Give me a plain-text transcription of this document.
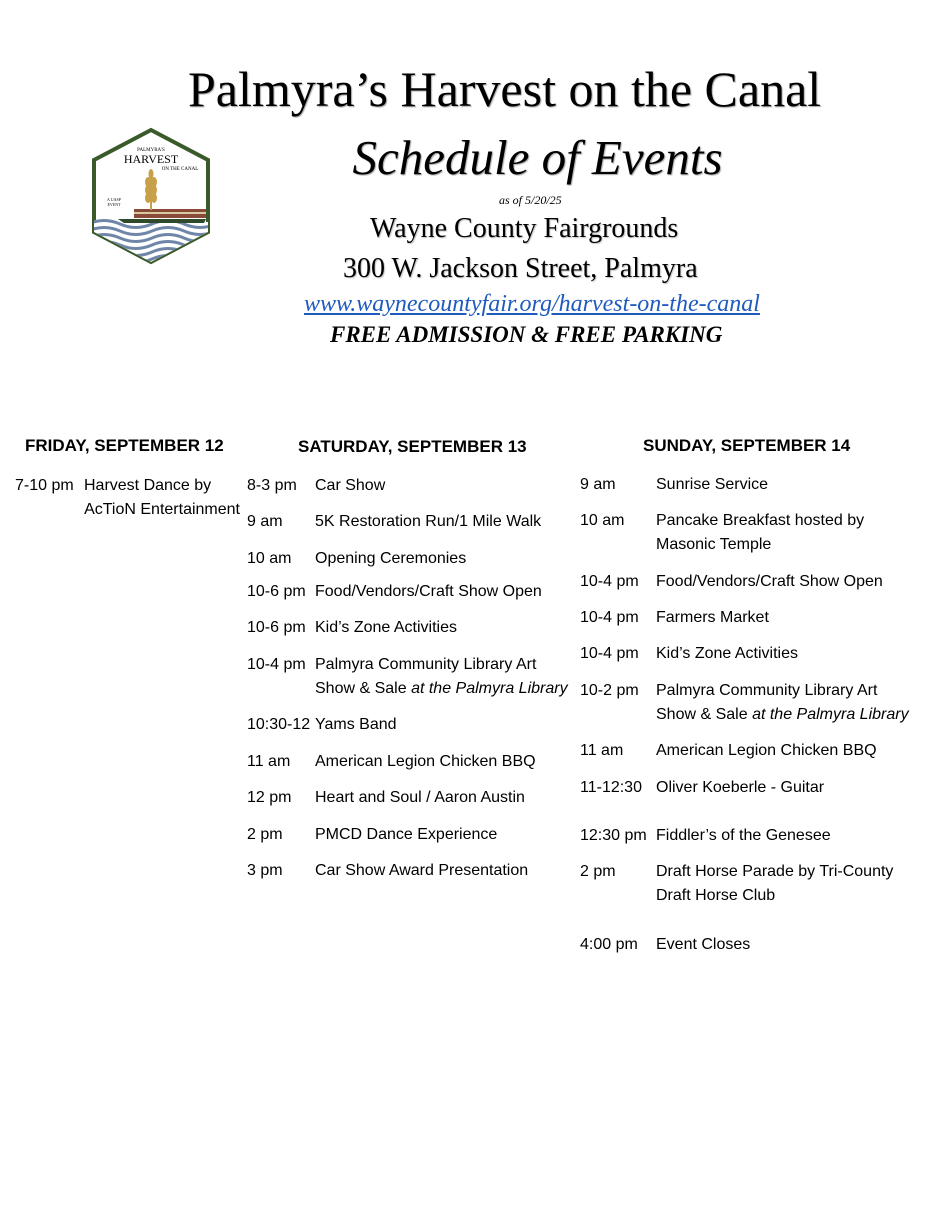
PALMYRA'S
HARVEST
ON THE CANAL
A UASP
EVENT
Palmyra’s Harvest on the Canal
Schedule of Events
as of 5/20/25
Wayne County Fairgrounds
300 W. Jackson Street, Palmyra
www.waynecountyfair.org/harvest-on-the-canal
FREE ADMISSION & FREE PARKING
FRIDAY, SEPTEMBER 12	SATURDAY, SEPTEMBER 13	SUNDAY, SEPTEMBER 14
7-10 pm Harvest Dance by
AcTioN Entertainment
8-3 pm Car Show
9 am 5K Restoration Run/1 Mile Walk
10 am Opening Ceremonies
10-6 pm Food/Vendors/Craft Show Open
10-6 pm Kid’s Zone Activities
10-4 pm Palmyra Community Library Art
Show & Sale at the Palmyra Library
10:30-12 Yams Band
11 am American Legion Chicken BBQ
12 pm Heart and Soul / Aaron Austin
2 pm PMCD Dance Experience
3 pm Car Show Award Presentation
9 am	Sunrise Service
10 am Pancake Breakfast hosted by
Masonic Temple
10-4 pm Food/Vendors/Craft Show Open
10-4 pm Farmers Market
10-4 pm Kid’s Zone Activities
10-2 pm Palmyra Community Library Art
Show & Sale at the Palmyra Library
11 am American Legion Chicken BBQ
11-12:30 Oliver Koeberle - Guitar
12:30 pm Fiddler’s of the Genesee
2 pm	Draft Horse Parade by Tri-County
Draft Horse Club
4:00 pm Event Closes
